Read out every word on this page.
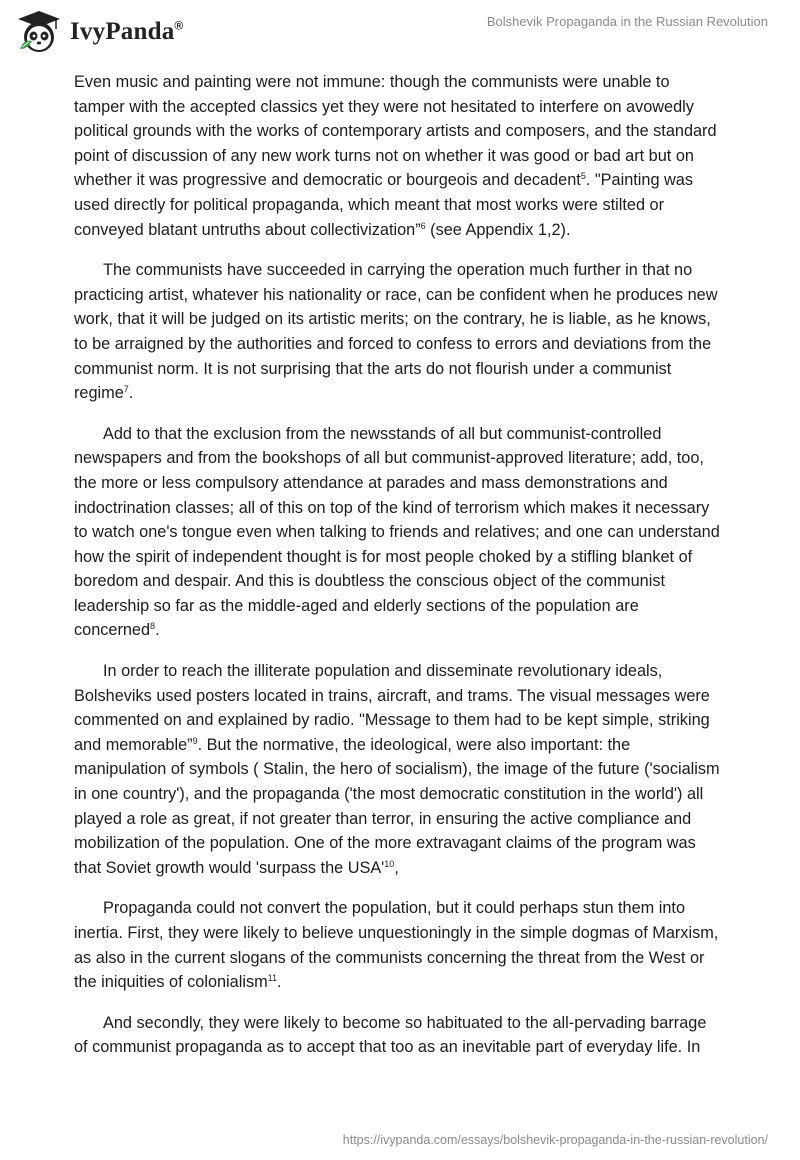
IvyPanda®	Bolshevik Propaganda in the Russian Revolution

Even music and painting were not immune: though the communists were unable to tamper with the accepted classics yet they were not hesitated to interfere on avowedly political grounds with the works of contemporary artists and composers, and the standard point of discussion of any new work turns not on whether it was good or bad art but on whether it was progressive and democratic or bourgeois and decadent$^5$. "Painting was used directly for political propaganda, which meant that most works were stilted or conveyed blatant untruths about collectivization”$^6$ (see Appendix 1,2).

The communists have succeeded in carrying the operation much further in that no practicing artist, whatever his nationality or race, can be confident when he produces new work, that it will be judged on its artistic merits; on the contrary, he is liable, as he knows, to be arraigned by the authorities and forced to confess to errors and deviations from the communist norm. It is not surprising that the arts do not flourish under a communist regime$^7$.

Add to that the exclusion from the newsstands of all but communist-controlled newspapers and from the bookshops of all but communist-approved literature; add, too, the more or less compulsory attendance at parades and mass demonstrations and indoctrination classes; all of this on top of the kind of terrorism which makes it necessary to watch one's tongue even when talking to friends and relatives; and one can understand how the spirit of independent thought is for most people choked by a stifling blanket of boredom and despair. And this is doubtless the conscious object of the communist leadership so far as the middle-aged and elderly sections of the population are concerned$^8$.

In order to reach the illiterate population and disseminate revolutionary ideals, Bolsheviks used posters located in trains, aircraft, and trams. The visual messages were commented on and explained by radio. "Message to them had to be kept simple, striking and memorable”$^9$. But the normative, the ideological, were also important: the manipulation of symbols ( Stalin, the hero of socialism), the image of the future ('socialism in one country'), and the propaganda ('the most democratic constitution in the world') all played a role as great, if not greater than terror, in ensuring the active compliance and mobilization of the population. One of the more extravagant claims of the program was that Soviet growth would 'surpass the $USA'^{10}$,

Propaganda could not convert the population, but it could perhaps stun them into inertia. First, they were likely to believe unquestioningly in the simple dogmas of Marxism, as also in the current slogans of the communists concerning the threat from the West or the iniquities of colonialism$^{11}$.

And secondly, they were likely to become so habituated to the all-pervading barrage of communist propaganda as to accept that too as an inevitable part of everyday life. In

https://ivypanda.com/essays/bolshevik-propaganda-in-the-russian-revolution/
